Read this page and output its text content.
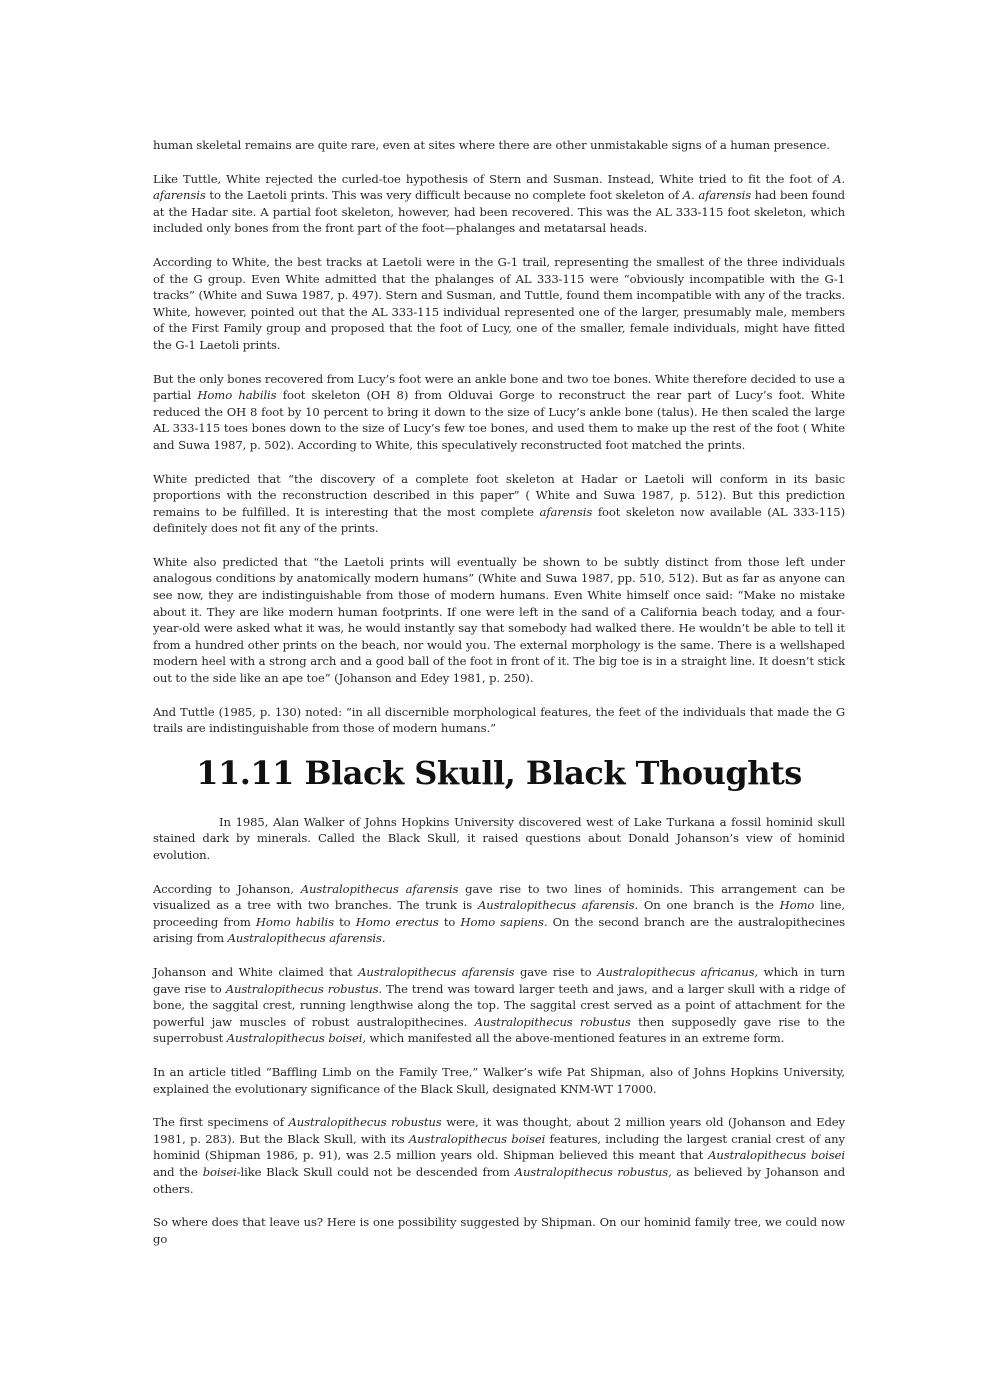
human skeletal remains are quite rare, even at sites where there are other unmistakable signs of a human presence.

Like Tuttle, White rejected the curled-toe hypothesis of Stern and Susman. Instead, White tried to fit the foot of A. afarensis to the Laetoli prints. This was very difficult because no complete foot skeleton of A. afarensis had been found at the Hadar site. A partial foot skeleton, however, had been recovered. This was the AL 333-115 foot skeleton, which included only bones from the front part of the foot—phalanges and metatarsal heads.

According to White, the best tracks at Laetoli were in the G-1 trail, representing the smallest of the three individuals of the G group. Even White admitted that the phalanges of AL 333-115 were “obviously incompatible with the G-1 tracks” (White and Suwa 1987, p. 497). Stern and Susman, and Tuttle, found them incompatible with any of the tracks. White, however, pointed out that the AL 333-115 individual represented one of the larger, presumably male, members of the First Family group and proposed that the foot of Lucy, one of the smaller, female individuals, might have fitted the G-1 Laetoli prints.

But the only bones recovered from Lucy’s foot were an ankle bone and two toe bones. White therefore decided to use a partial Homo habilis foot skeleton (OH 8) from Olduvai Gorge to reconstruct the rear part of Lucy’s foot. White reduced the OH 8 foot by 10 percent to bring it down to the size of Lucy’s ankle bone (talus). He then scaled the large AL 333-115 toes bones down to the size of Lucy’s few toe bones, and used them to make up the rest of the foot ( White and Suwa 1987, p. 502). According to White, this speculatively reconstructed foot matched the prints.

White predicted that “the discovery of a complete foot skeleton at Hadar or Laetoli will conform in its basic proportions with the reconstruction described in this paper” ( White and Suwa 1987, p. 512). But this prediction remains to be fulfilled. It is interesting that the most complete afarensis foot skeleton now available (AL 333-115) definitely does not fit any of the prints.

White also predicted that “the Laetoli prints will eventually be shown to be subtly distinct from those left under analogous conditions by anatomically modern humans” (White and Suwa 1987, pp. 510, 512). But as far as anyone can see now, they are indistinguishable from those of modern humans. Even White himself once said: “Make no mistake about it. They are like modern human footprints. If one were left in the sand of a California beach today, and a four-year-old were asked what it was, he would instantly say that somebody had walked there. He wouldn’t be able to tell it from a hundred other prints on the beach, nor would you. The external morphology is the same. There is a wellshaped modern heel with a strong arch and a good ball of the foot in front of it. The big toe is in a straight line. It doesn’t stick out to the side like an ape toe” (Johanson and Edey 1981, p. 250).

And Tuttle (1985, p. 130) noted: “in all discernible morphological features, the feet of the individuals that made the G trails are indistinguishable from those of modern humans.”

11.11 Black Skull, Black Thoughts

In 1985, Alan Walker of Johns Hopkins University discovered west of Lake Turkana a fossil hominid skull stained dark by minerals. Called the Black Skull, it raised questions about Donald Johanson’s view of hominid evolution.

According to Johanson, Australopithecus afarensis gave rise to two lines of hominids. This arrangement can be visualized as a tree with two branches. The trunk is Australopithecus afarensis. On one branch is the Homo line, proceeding from Homo habilis to Homo erectus to Homo sapiens. On the second branch are the australopithecines arising from Australopithecus afarensis.

Johanson and White claimed that Australopithecus afarensis gave rise to Australopithecus africanus, which in turn gave rise to Australopithecus robustus. The trend was toward larger teeth and jaws, and a larger skull with a ridge of bone, the saggital crest, running lengthwise along the top. The saggital crest served as a point of attachment for the powerful jaw muscles of robust australopithecines. Australopithecus robustus then supposedly gave rise to the superrobust Australopithecus boisei, which manifested all the above-mentioned features in an extreme form.

In an article titled “Baffling Limb on the Family Tree,” Walker’s wife Pat Shipman, also of Johns Hopkins University, explained the evolutionary significance of the Black Skull, designated KNM-WT 17000.

The first specimens of Australopithecus robustus were, it was thought, about 2 million years old (Johanson and Edey 1981, p. 283). But the Black Skull, with its Australopithecus boisei features, including the largest cranial crest of any hominid (Shipman 1986, p. 91), was 2.5 million years old. Shipman believed this meant that Australopithecus boisei and the boisei-like Black Skull could not be descended from Australopithecus robustus, as believed by Johanson and others.

So where does that leave us? Here is one possibility suggested by Shipman. On our hominid family tree, we could now go
